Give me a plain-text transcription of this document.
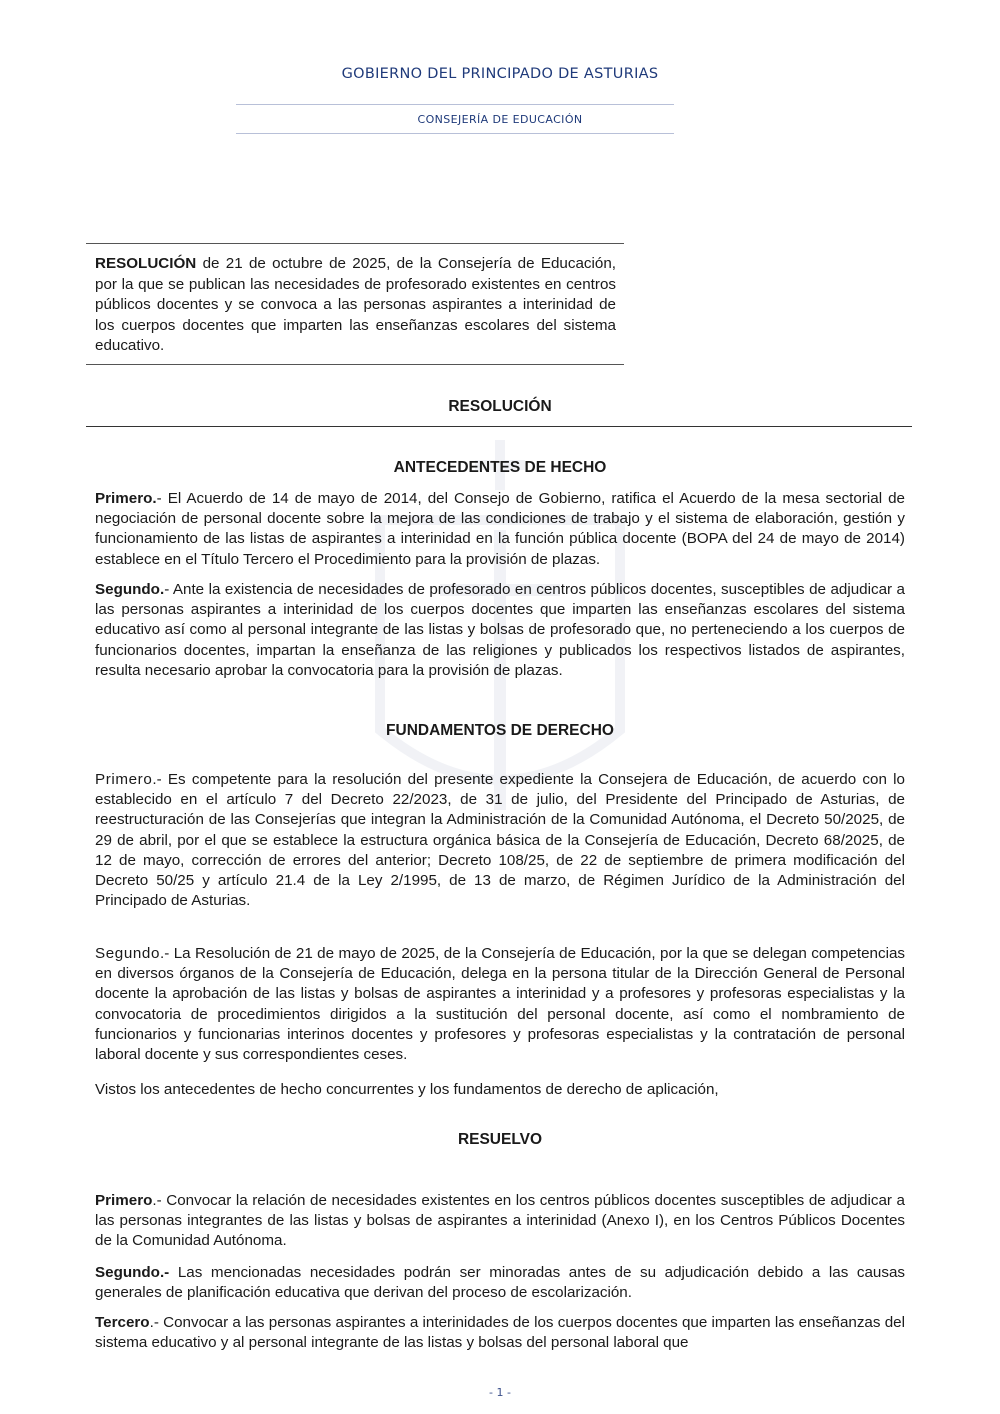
GOBIERNO DEL PRINCIPADO DE ASTURIAS
CONSEJERÍA DE EDUCACIÓN
RESOLUCIÓN de 21 de octubre de 2025, de la Consejería de Educación, por la que se publican las necesidades de profesorado existentes en centros públicos docentes y se convoca a las personas aspirantes a interinidad de los cuerpos docentes que imparten las enseñanzas escolares del sistema educativo.
RESOLUCIÓN
ANTECEDENTES DE HECHO
Primero.- El Acuerdo de 14 de mayo de 2014, del Consejo de Gobierno, ratifica el Acuerdo de la mesa sectorial de negociación de personal docente sobre la mejora de las condiciones de trabajo y el sistema de elaboración, gestión y funcionamiento de las listas de aspirantes a interinidad en la función pública docente (BOPA del 24 de mayo de 2014) establece en el Título Tercero el Procedimiento para la provisión de plazas.
Segundo.- Ante la existencia de necesidades de profesorado en centros públicos docentes, susceptibles de adjudicar a las personas aspirantes a interinidad de los cuerpos docentes que imparten las enseñanzas escolares del sistema educativo así como al personal integrante de las listas y bolsas de profesorado que, no perteneciendo a los cuerpos de funcionarios docentes, impartan la enseñanza de las religiones y publicados los respectivos listados de aspirantes, resulta necesario aprobar la convocatoria para la provisión de plazas.
FUNDAMENTOS DE DERECHO
Primero.- Es competente para la resolución del presente expediente la Consejera de Educación, de acuerdo con lo establecido en el artículo 7 del Decreto 22/2023, de 31 de julio, del Presidente del Principado de Asturias, de reestructuración de las Consejerías que integran la Administración de la Comunidad Autónoma, el Decreto 50/2025, de 29 de abril, por el que se establece la estructura orgánica básica de la Consejería de Educación, Decreto 68/2025, de 12 de mayo, corrección de errores del anterior; Decreto 108/25, de 22 de septiembre de primera modificación del Decreto 50/25 y artículo 21.4 de la Ley 2/1995, de 13 de marzo, de Régimen Jurídico de la Administración del Principado de Asturias.
Segundo.- La Resolución de 21 de mayo de 2025, de la Consejería de Educación, por la que se delegan competencias en diversos órganos de la Consejería de Educación, delega en la persona titular de la Dirección General de Personal docente la aprobación de las listas y bolsas de aspirantes a interinidad y a profesores y profesoras especialistas y la convocatoria de procedimientos dirigidos a la sustitución del personal docente, así como el nombramiento de funcionarios y funcionarias interinos docentes y profesores y profesoras especialistas y la contratación de personal laboral docente y sus correspondientes ceses.
Vistos los antecedentes de hecho concurrentes y los fundamentos de derecho de aplicación,
RESUELVO
Primero.- Convocar la relación de necesidades existentes en los centros públicos docentes susceptibles de adjudicar a las personas integrantes de las listas y bolsas de aspirantes a interinidad (Anexo I), en los Centros Públicos Docentes de la Comunidad Autónoma.
Segundo.- Las mencionadas necesidades podrán ser minoradas antes de su adjudicación debido a las causas generales de planificación educativa que derivan del proceso de escolarización.
Tercero.- Convocar a las personas aspirantes a interinidades de los cuerpos docentes que imparten las enseñanzas del sistema educativo y al personal integrante de las listas y bolsas del personal laboral que
- 1 -
